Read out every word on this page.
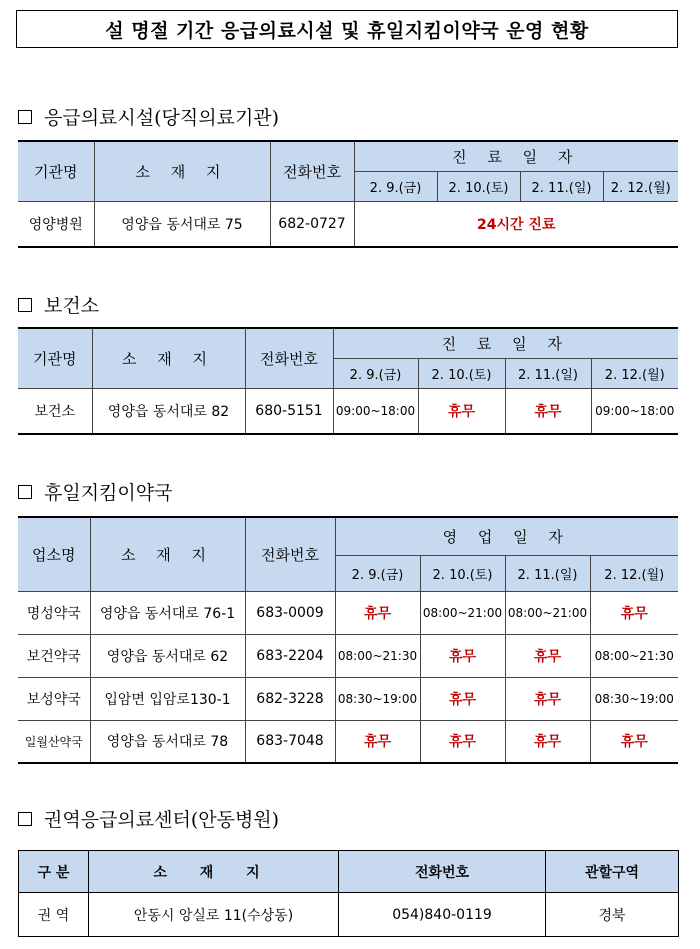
설 명절 기간 응급의료시설 및 휴일지킴이약국 운영 현황
응급의료시설(당직의료기관)
기관명	소 재 지	전화번호	진 료 일 자			
			2. 9.(금)	2. 10.(토)	2. 11.(일)	2. 12.(월)
영양병원	영양읍 동서대로 75	682-0727	24시간 진료			
보건소
기관명	소 재 지	전화번호	진 료 일 자			
			2. 9.(금)	2. 10.(토)	2. 11.(일)	2. 12.(월)
보건소	영양읍 동서대로 82	680-5151	09:00~18:00	휴무	휴무	09:00~18:00
휴일지킴이약국
업소명	소 재 지	전화번호	영 업 일 자			
			2. 9.(금)	2. 10.(토)	2. 11.(일)	2. 12.(월)
명성약국	영양읍 동서대로 76-1	683-0009	휴무	08:00~21:00	08:00~21:00	휴무
보건약국	영양읍 동서대로 62	683-2204	08:00~21:30	휴무	휴무	08:00~21:30
보성약국	입암면 입암로130-1	682-3228	08:30~19:00	휴무	휴무	08:30~19:00
일월산약국	영양읍 동서대로 78	683-7048	휴무	휴무	휴무	휴무
권역응급의료센터(안동병원)
구 분	소 재 지	전화번호	관할구역
권 역	안동시 앙실로 11(수상동)	054)840-0119	경북
